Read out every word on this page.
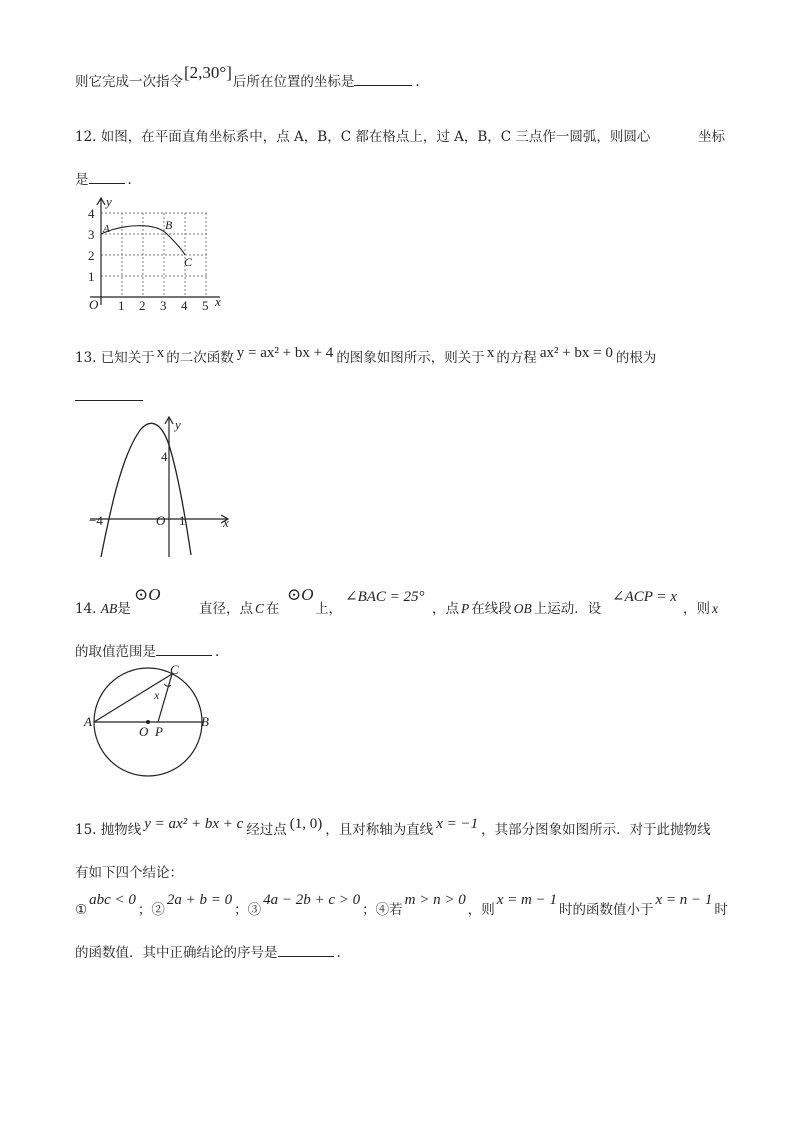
则它完成一次指令[2,30°]后所在位置的坐标是	.
12. 如图，在平面直角坐标系中，点 A，B，C 都在格点上，过 A，B，C 三点作一圆弧，则圆心	坐标
是	.
y
x
O 1 2 3 4 5
1
2
3
4
A	B
C
13. 已知关于 x 的二次函数 y = ax² + bx + 4 的图象如图所示，则关于 x 的方程 ax² + bx = 0 的根为
y
x
O
4
−4	1
14. AB是
⊙O
直径，点 C 在
⊙O
上，
∠BAC = 25°
，点 P 在线段 OB 上运动．设
∠ACP = x
，则 x
的取值范围是	.
A	B
C
O P
x
15. 抛物线 y = ax² + bx + c 经过点 (1, 0) ，且对称轴为直线 x = −1 ，其部分图象如图所示．对于此抛物线
有如下四个结论：
①abc < 0；②2a + b = 0；③4a − 2b + c > 0；④若m > n > 0，则x = m − 1时的函数值小于x = n − 1时
的函数值．其中正确结论的序号是	.
